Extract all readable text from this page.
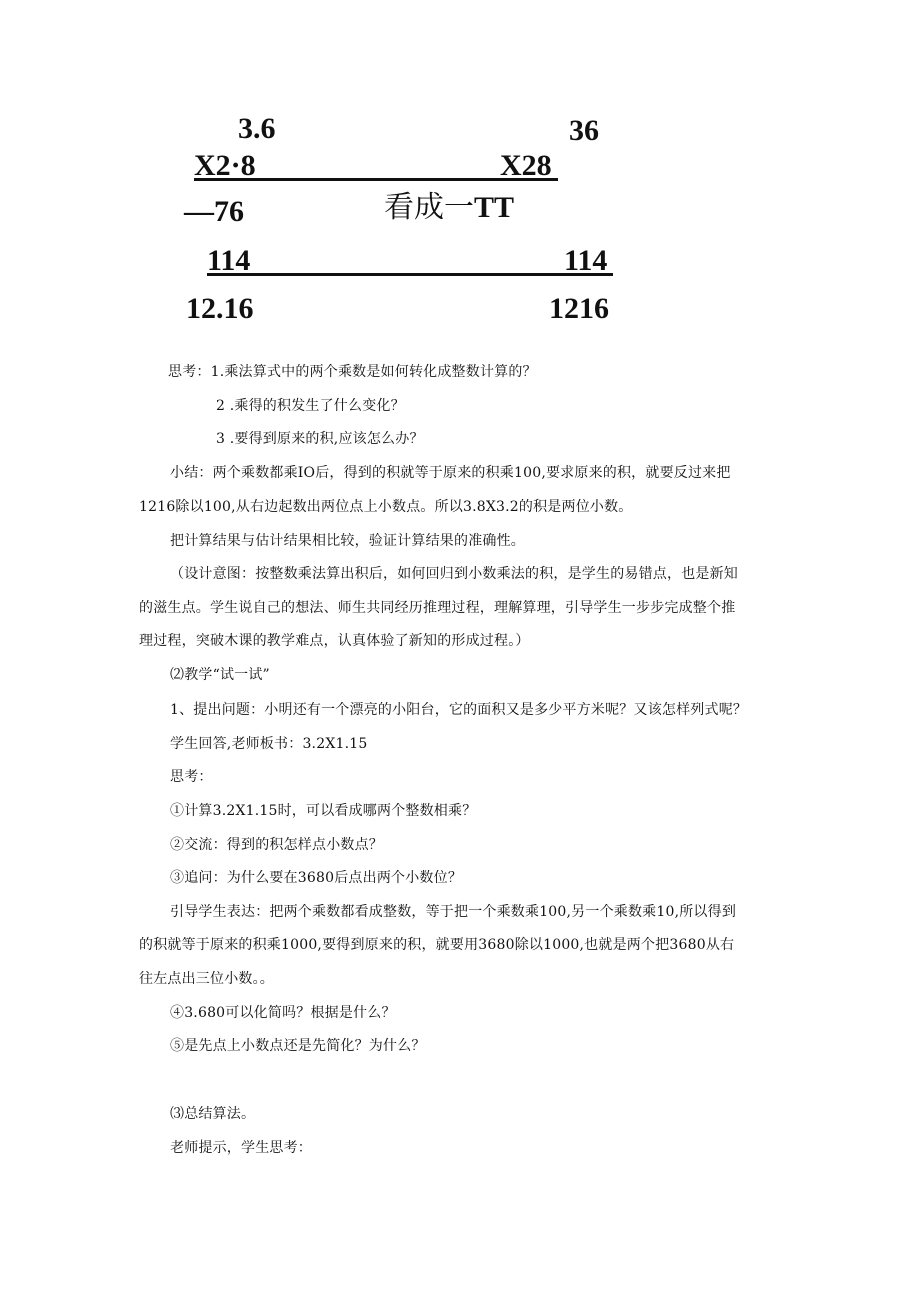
3.6
X2·8
—76
114
12.16
36
X28
114
1216
看成一TT
思考：1.乘法算式中的两个乘数是如何转化成整数计算的？
2 .乘得的积发生了什么变化？
3 .要得到原来的积,应该怎么办？
小结：两个乘数都乘IO后，得到的积就等于原来的积乘100,要求原来的积，就要反过来把
1216除以100,从右边起数出两位点上小数点。所以3.8X3.2的积是两位小数。
把计算结果与估计结果相比较，验证计算结果的准确性。
（设计意图：按整数乘法算出积后，如何回归到小数乘法的积，是学生的易错点，也是新知
的滋生点。学生说自己的想法、师生共同经历推理过程，理解算理，引导学生一步步完成整个推
理过程，突破木课的教学难点，认真体验了新知的形成过程。）
⑵教学“试一试”
1、提出问题：小明还有一个漂亮的小阳台，它的面积又是多少平方米呢？又该怎样列式呢？
学生回答,老师板书：3.2X1.15
思考：
①计算3.2X1.15时，可以看成哪两个整数相乘？
②交流：得到的积怎样点小数点？
③追问：为什么要在3680后点出两个小数位？
引导学生表达：把两个乘数都看成整数，等于把一个乘数乘100,另一个乘数乘10,所以得到
的积就等于原来的积乘1000,要得到原来的积，就要用3680除以1000,也就是两个把3680从右
往左点出三位小数。。
④3.680可以化简吗？根据是什么？
⑤是先点上小数点还是先简化？为什么？
⑶总结算法。
老师提示，学生思考：
